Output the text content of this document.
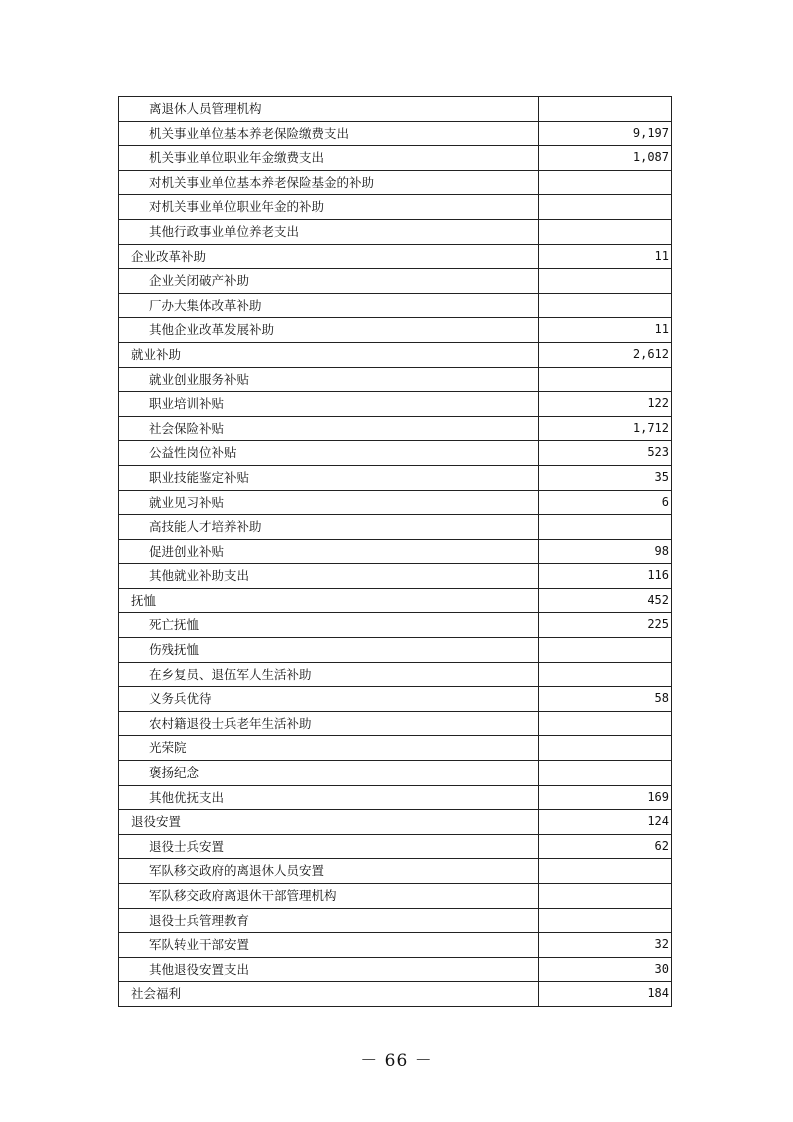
离退休人员管理机构	
机关事业单位基本养老保险缴费支出	9,197
机关事业单位职业年金缴费支出	1,087
对机关事业单位基本养老保险基金的补助	
对机关事业单位职业年金的补助	
其他行政事业单位养老支出	
企业改革补助	11
企业关闭破产补助	
厂办大集体改革补助	
其他企业改革发展补助	11
就业补助	2,612
就业创业服务补贴	
职业培训补贴	122
社会保险补贴	1,712
公益性岗位补贴	523
职业技能鉴定补贴	35
就业见习补贴	6
高技能人才培养补助	
促进创业补贴	98
其他就业补助支出	116
抚恤	452
死亡抚恤	225
伤残抚恤	
在乡复员、退伍军人生活补助	
义务兵优待	58
农村籍退役士兵老年生活补助	
光荣院	
褒扬纪念	
其他优抚支出	169
退役安置	124
退役士兵安置	62
军队移交政府的离退休人员安置	
军队移交政府离退休干部管理机构	
退役士兵管理教育	
军队转业干部安置	32
其他退役安置支出	30
社会福利	184
－ 66 －
